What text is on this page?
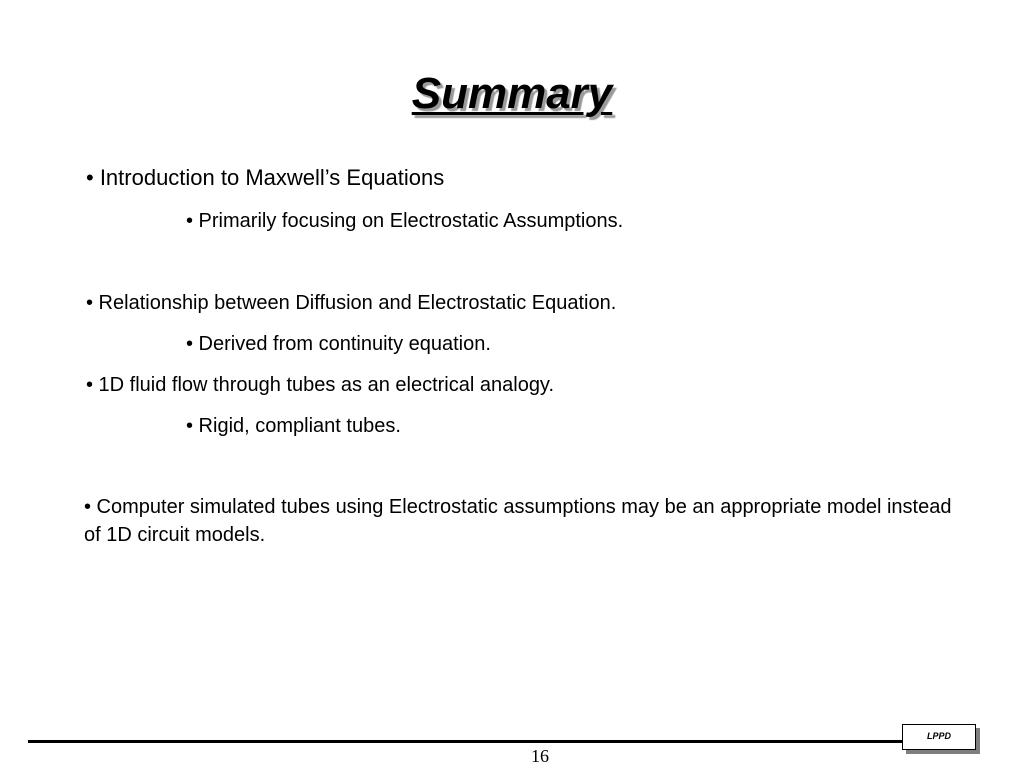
Summary

• Introduction to Maxwell’s Equations

• Primarily focusing on Electrostatic Assumptions.

• Relationship between Diffusion and Electrostatic Equation.

• Derived from continuity equation.

• 1D fluid flow through tubes as an electrical analogy.

• Rigid, compliant tubes.

• Computer simulated tubes using Electrostatic assumptions may be an appropriate model instead of 1D circuit models.

16
LPPD
